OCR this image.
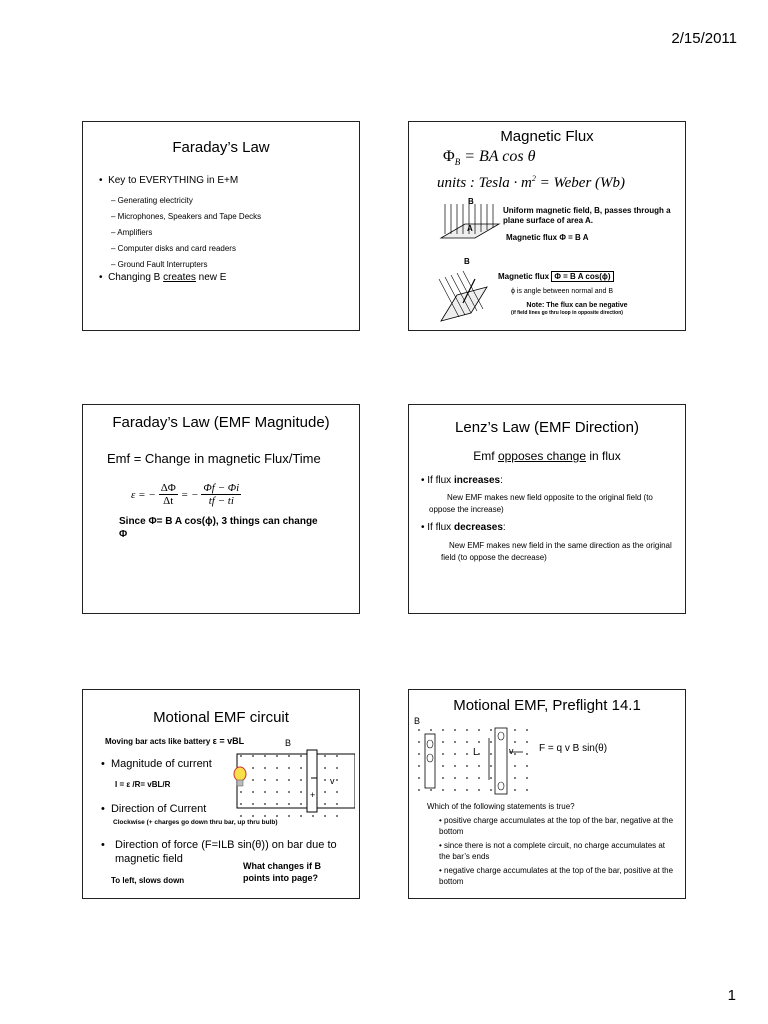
2/15/2011
Faraday’s Law
•  Key to EVERYTHING in E+M
– Generating electricity
– Microphones, Speakers and Tape Decks
– Amplifiers
– Computer disks and card readers
– Ground Fault Interrupters
•  Changing B creates new E
Magnetic Flux
$\Phi_B$ = BA cos θ
units : Tesla · $m^2$ = Weber (Wb)
B
A
Uniform magnetic field, B, passes through a plane surface of area A.
Magnetic flux Φ = B A
B
Magnetic flux Φ = B A cos(ϕ)
ϕ is angle between normal and B
Note: The flux can be negative
(if field lines go thru loop in opposite direction)
Faraday’s Law (EMF Magnitude)
Emf = Change in magnetic Flux/Time
ε = − $\frac{\Delta\Phi}{\Delta t}$ = − $\frac{\Phi f - \Phi i}{tf - ti}$
Since Φ= B A cos(ϕ), 3 things can change Φ
Lenz’s Law (EMF Direction)
Emf opposes change in flux
• If flux increases:
New EMF makes new field opposite to the original field (to oppose the increase)
• If flux decreases:
New EMF makes new field in the same direction as the original field (to oppose the decrease)
Motional EMF circuit
Moving bar acts like battery ε = vBL	B
+
v
•  Magnitude of current
I = ε /R= vBL/R
•  Direction of Current
Clockwise (+ charges go down thru bar, up thru bulb)
• Direction of force (F=ILB sin(θ)) on bar due to magnetic field
What changes if B points into page?
To left, slows down
Motional EMF, Preflight 14.1
B
L	v	F = q v B sin(θ)
Which of the following statements is true?
• positive charge accumulates at the top of the bar, negative at the bottom
• since there is not a complete circuit, no charge accumulates at the bar’s ends
• negative charge accumulates at the top of the bar, positive at the bottom
1
